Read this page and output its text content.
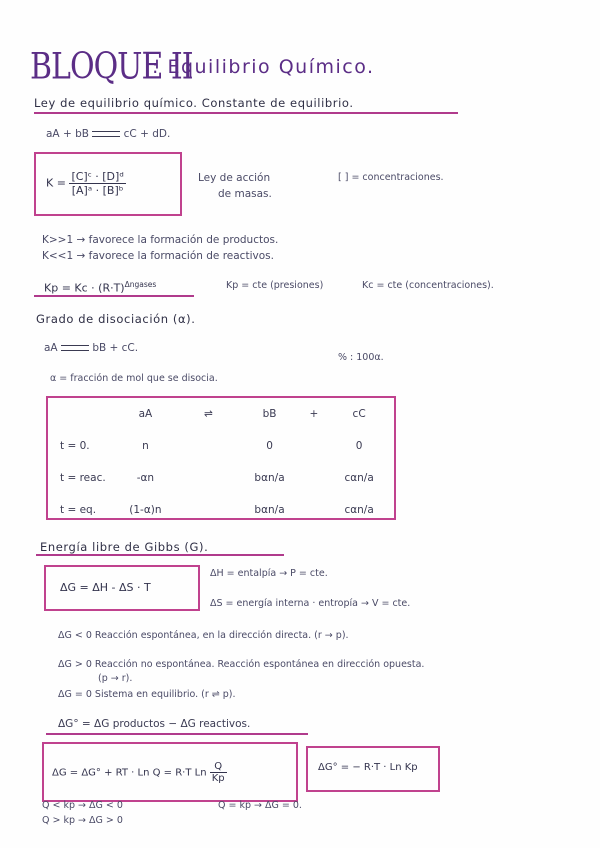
BLOQUE II
: Equilibrio Químico.
Ley de equilibrio químico. Constante de equilibrio.
aA + bB	cC + dD.
$K = \frac{\text{[C]ᶜ · [D]ᵈ}}{\text{[A]ᵃ · [B]ᵇ}}$	Ley de acción
de masas.
[ ] = concentraciones.
K>>1 → favorece la formación de productos.
K<<1 → favorece la formación de reactivos.
$Kp = Kc \cdot (R\cdot T)^{\Delta ngases}$	Kp = cte (presiones)	Kc = cte (concentraciones).
Grado de disociación (α).
aA	bB + cC.
% : 100α.
α = fracción de mol que se disocia.
	aA	⇌	bB	+	cC
t = 0.	n		0		0
t = reac.	-αn		bαn/a		cαn/a
t = eq.	(1-α)n		bαn/a		cαn/a
Energía libre de Gibbs (G).
ΔG = ΔH - ΔS · T
ΔH = entalpía → P = cte.
ΔS = energía interna · entropía → V = cte.
ΔG < 0 Reacción espontánea, en la dirección directa. (r → p).
ΔG > 0 Reacción no espontánea. Reacción espontánea en dirección opuesta.
(p → r).
ΔG = 0 Sistema en equilibrio. (r ⇌ p).
ΔG° = ΔG productos − ΔG reactivos.
ΔG = ΔG° + RT · Ln Q = R·T Ln $\frac{Q}{Kp}$	ΔG° = − R·T · Ln Kp
Q < kp → ΔG < 0
Q > kp → ΔG > 0
Q = kp → ΔG = 0.
